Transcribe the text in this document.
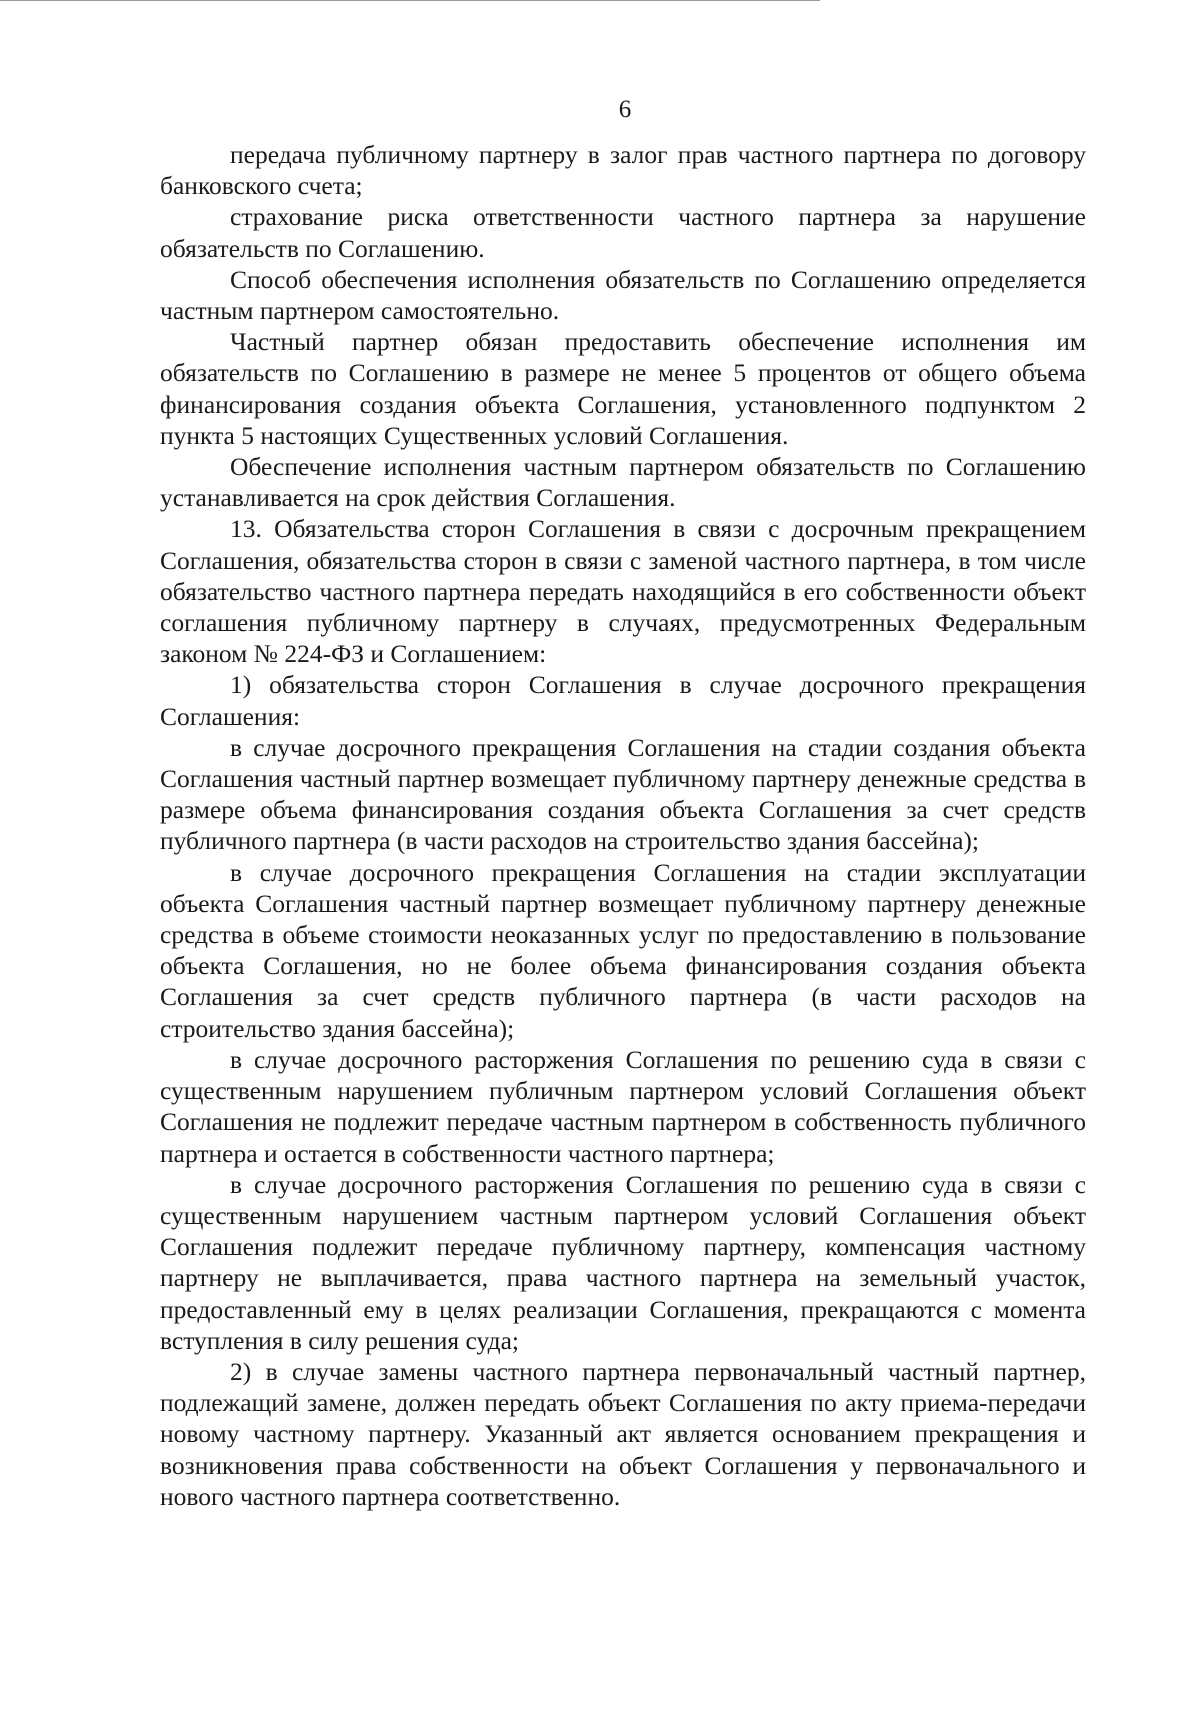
6

передача публичному партнеру в залог прав частного партнера по договору банковского счета;

страхование риска ответственности частного партнера за нарушение обязательств по Соглашению.

Способ обеспечения исполнения обязательств по Соглашению определяется частным партнером самостоятельно.

Частный партнер обязан предоставить обеспечение исполнения им обязательств по Соглашению в размере не менее 5 процентов от общего объема финансирования создания объекта Соглашения, установленного подпунктом 2 пункта 5 настоящих Существенных условий Соглашения.

Обеспечение исполнения частным партнером обязательств по Соглашению устанавливается на срок действия Соглашения.

13. Обязательства сторон Соглашения в связи с досрочным прекращением Соглашения, обязательства сторон в связи с заменой частного партнера, в том числе обязательство частного партнера передать находящийся в его собственности объект соглашения публичному партнеру в случаях, предусмотренных Федеральным законом № 224-ФЗ и Соглашением:

1) обязательства сторон Соглашения в случае досрочного прекращения Соглашения:

в случае досрочного прекращения Соглашения на стадии создания объекта Соглашения частный партнер возмещает публичному партнеру денежные средства в размере объема финансирования создания объекта Соглашения за счет средств публичного партнера (в части расходов на строительство здания бассейна);

в случае досрочного прекращения Соглашения на стадии эксплуатации объекта Соглашения частный партнер возмещает публичному партнеру денежные средства в объеме стоимости неоказанных услуг по предоставлению в пользование объекта Соглашения, но не более объема финансирования создания объекта Соглашения за счет средств публичного партнера (в части расходов на строительство здания бассейна);

в случае досрочного расторжения Соглашения по решению суда в связи с существенным нарушением публичным партнером условий Соглашения объект Соглашения не подлежит передаче частным партнером в собственность публичного партнера и остается в собственности частного партнера;

в случае досрочного расторжения Соглашения по решению суда в связи с существенным нарушением частным партнером условий Соглашения объект Соглашения подлежит передаче публичному партнеру, компенсация частному партнеру не выплачивается, права частного партнера на земельный участок, предоставленный ему в целях реализации Соглашения, прекращаются с момента вступления в силу решения суда;

2) в случае замены частного партнера первоначальный частный партнер, подлежащий замене, должен передать объект Соглашения по акту приема-передачи новому частному партнеру. Указанный акт является основанием прекращения и возникновения права собственности на объект Соглашения у первоначального и нового частного партнера соответственно.
